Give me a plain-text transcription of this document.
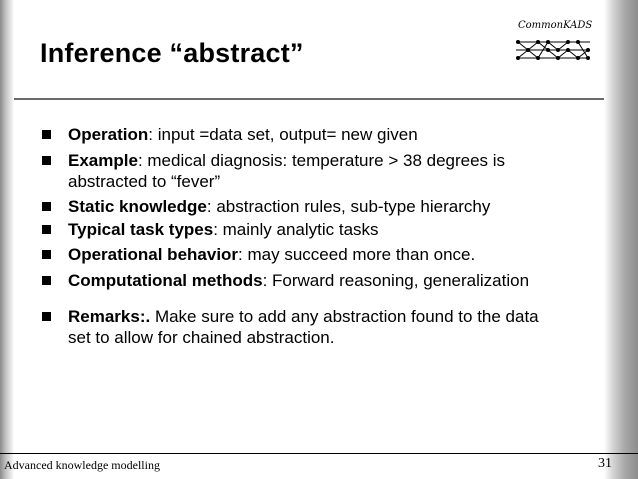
Inference “abstract”
CommonKADS
Operation: input =data set, output= new given
Example: medical diagnosis: temperature > 38 degrees is abstracted to “fever”
Static knowledge: abstraction rules, sub-type hierarchy
Typical task types: mainly analytic tasks
Operational behavior: may succeed more than once.
Computational methods: Forward reasoning, generalization
Remarks:. Make sure to add any abstraction found to the data set to allow for chained abstraction.
Advanced knowledge modelling	31
